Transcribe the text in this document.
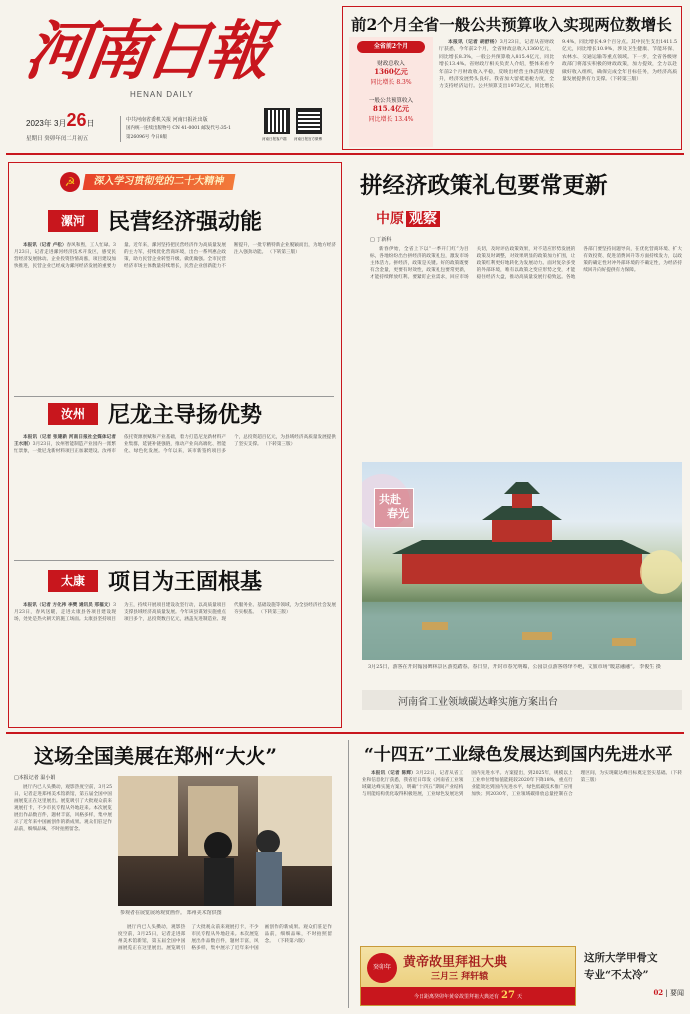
河南日報
HENAN DAILY
2023年 3月26日
星期日 癸卯年闰二月初五
中共河南省委机关报 河南日报社出版
国内统一连续出版物号 CN 41-0001 邮发代号:35-1
第26096号 今日8版	河南日报客户端 河南日报官方微博
前2个月全省一般公共预算收入实现两位数增长
全省前2个月
财政总收入
1360亿元
同比增长 8.3%
一般公共预算收入
815.4亿元
同比增长 13.4%

本报讯（记者 胡舒杨）3月23日，记者从省财政厅获悉，今年前2个月，全省财政总收入1360亿元，同比增长8.3%，一般公共预算收入815.4亿元，同比增长13.4%。省财政厅相关负责人介绍，整体来看今年前2个月财政收入平稳，反映出经营主体活跃度提升，经济发展势头良好。我省加大留抵退税力度，全力支持经济运行。公共预算支出1973亿元，同比增长9.4%，同比增长4.9个百分点。其中民生支出1411.5亿元，同比增长10.9%，涉及卫生健康、节能环保、农林水、交通运输等重点领域。下一步，全省各级财政部门将落实积极的财政政策，加力提效，全力以赴做好收入组织，确保完成全年目标任务，为经济高质量发展提供有力支撑。（下转第三版）

☭	深入学习贯彻党的二十大精神
漯河	民营经济强动能

本报讯（记者 卢松）春风和煦，工人忙碌。3月23日，记者走进漯河经济技术开发区，感受民营经济发展脉动。企业投资热情高涨，项目建设加快推进，民营企业已经成为漯河经济发展的重要力量。近年来，漯河坚持把民营经济作为高质量发展的主力军，持续优化营商环境，出台一系列惠企政策，助力民营企业转型升级、做优做强。全市民营经济市场主体数量持续增长，民营企业创新能力不断提升，一批专精特新企业脱颖而出，为地方经济注入强劲动能。 （下转第三版）

汝州	尼龙主导扬优势

本报讯（记者 张建新 河南日报社全媒体记者 王水刚）3月23日，汝州智能制造产业园内一派繁忙景象，一批尼龙新材料项目正加紧建设。汝州市依托资源禀赋和产业基础，着力打造尼龙新材料产业集群，延链补链强链，推动产业向高端化、智能化、绿色化发展。今年以来，该市新签约项目多个，总投资超百亿元，为县域经济高质量发展提供了坚实支撑。 （下转第三版）

太康	项目为王固根基

本报讯（记者 方化祎 李樊 通讯员 邢福文）3月23日，春风送暖，走进太康县各项目建设现场，处处是热火朝天的施工场面。太康县坚持项目为王，持续开展项目建设攻坚行动，以高质量项目支撑县域经济高质量发展。今年该县谋划实施重点项目多个，总投资数百亿元，涵盖先进制造业、现代服务业、基础设施等领域，为全县经济社会发展夯实根基。 （下转第三版）

拼经济政策礼包要常更新
中原 观察
□ 丁新科

新春伊始，全省上下以“一季开门红”为目标，各地纷纷出台拼经济的政策礼包，激发市场主体活力。拼经济，政策是关键。好的政策既要有含金量，更要有时效性，政策礼包要常更新，才能持续释放红利。要紧盯企业需求，回应市场关切，及时评估政策效果，对不适应形势发展的政策及时调整，对效果明显的政策加力扩围，让政策红利更好地转化为发展动力。面对复杂多变的外部环境，唯有以政策之变应形势之变，才能稳住经济大盘，推动高质量发展行稳致远。各地各部门要坚持问题导向，在优化营商环境、扩大有效投资、促进消费回升等方面持续发力，以政策的确定性对冲外部环境的不确定性，为经济持续回升向好提供有力保障。

共赴
春光
3月25日，游客在开封翰园碑林景区游览踏春。春日里，开封市春光明媚，公园景点游客络绎不绝，文旅市场“暖意融融”。 李俊生 摄
河南省工业领域碳达峰实施方案出台
这场全国美展在郑州“大火”
□本报记者 温小娟

展厅内已人头攒动，观影热度空前，3月25日，记者走进郑州美术馆新馆，第五届全国中国画展览正在这里展出。展览吸引了大批观众前来观展打卡，不少市民专程从外地赶来。本次展览展出作品数百件，题材丰富，风格多样，集中展示了近年来中国画创作的新成果。观众们驻足作品前，细细品味，不时拍照留念。

参观者在展览展场观赏画作。 郑州美术馆供图

展厅内已人头攒动，观影热度空前，3月25日，记者走进郑州美术馆新馆，第五届全国中国画展览正在这里展出。展览吸引了大批观众前来观展打卡，不少市民专程从外地赶来。本次展览展出作品数百件，题材丰富，风格多样，集中展示了近年来中国画创作的新成果。观众们驻足作品前，细细品味，不时拍照留念。 （下转第六版）

“十四五”工业绿色发展达到国内先进水平

本报讯（记者 陈辉）3月22日，记者从省工业和信息化厅获悉，我省近日印发《河南省工业领域碳达峰实施方案》，明确“十四五”期间产业结构与用能结构优化取得积极进展，工业绿色发展达到国内先进水平。方案提出，到2025年，规模以上工业单位增加值能耗较2020年下降18%，重点行业能效达到国内先进水平，绿色低碳技术推广应用加快；到2030年，工业领域碳排放总量控制在合理区间，为实现碳达峰目标奠定坚实基础。（下转第三版）

癸卯年 黄帝故里拜祖大典
三月三 拜轩辕
今日距离癸卯年黄帝故里拜祖大典还有 27 天
这所大学甲骨文
专业“不太冷”
02 | 要闻
